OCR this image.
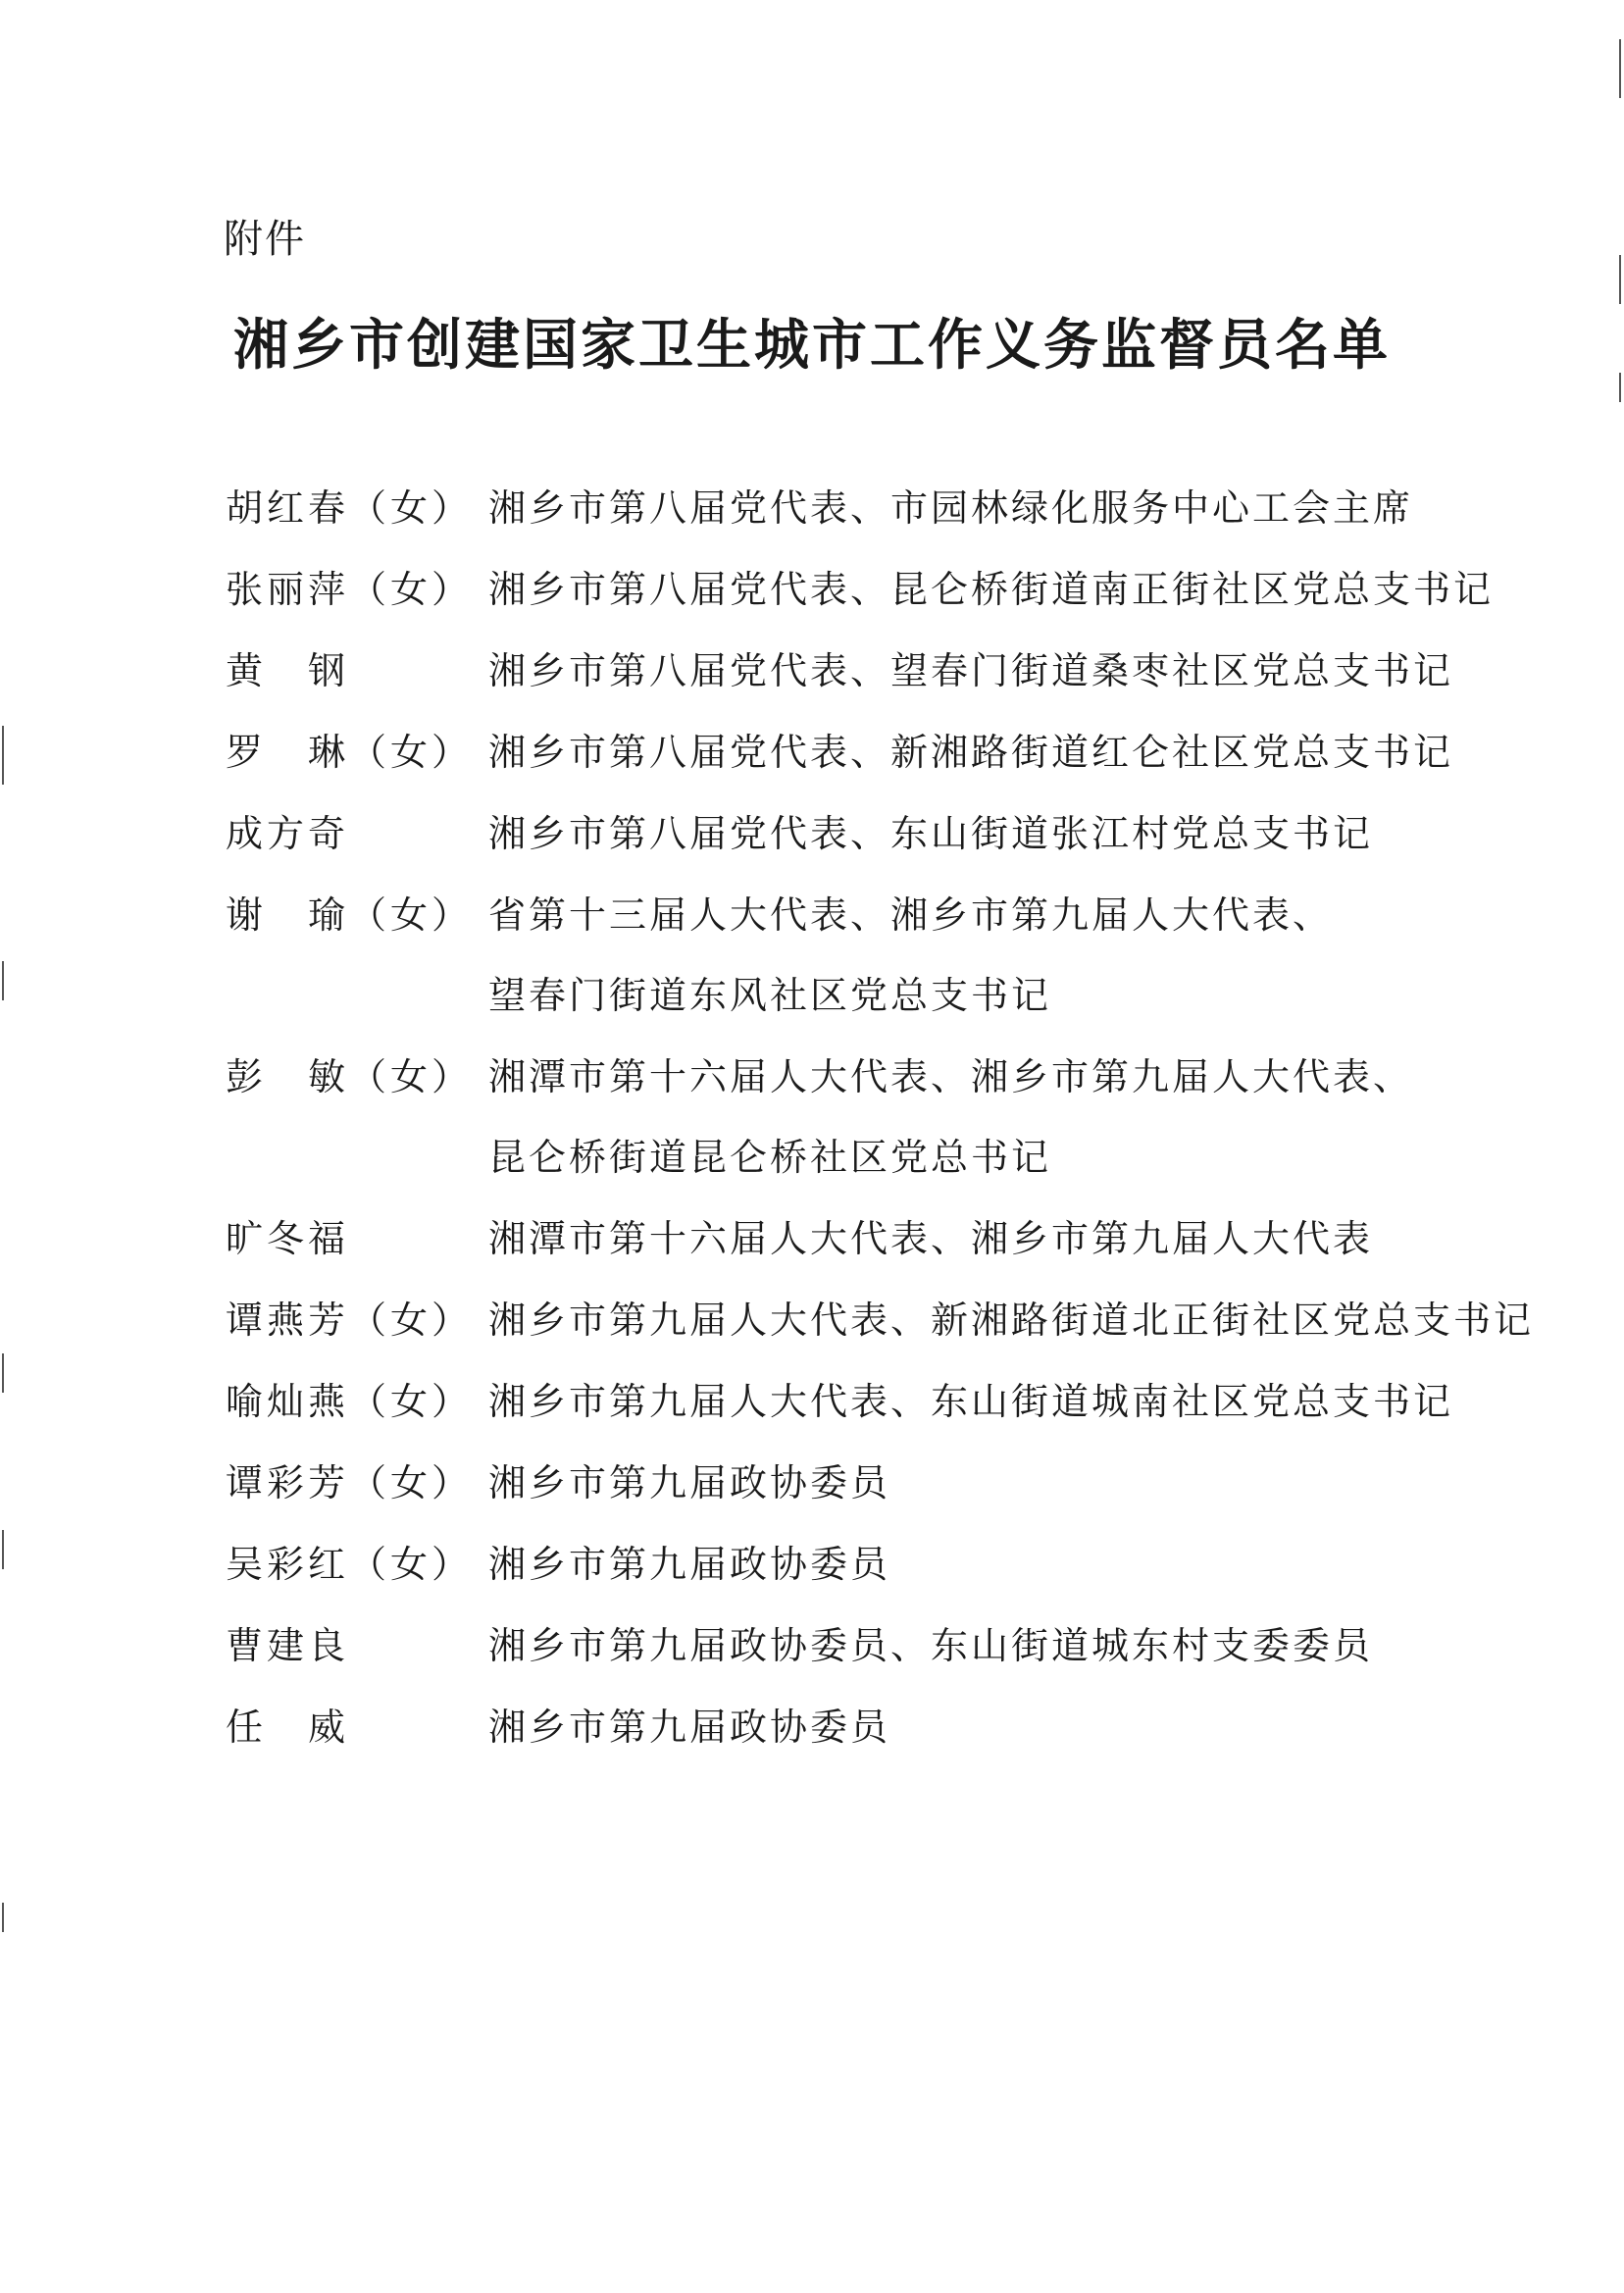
附件
湘乡市创建国家卫生城市工作义务监督员名单
胡红春（女） 湘乡市第八届党代表、市园林绿化服务中心工会主席
张丽萍（女） 湘乡市第八届党代表、昆仑桥街道南正街社区党总支书记
黄　钢	湘乡市第八届党代表、望春门街道桑枣社区党总支书记
罗　琳（女） 湘乡市第八届党代表、新湘路街道红仑社区党总支书记
成方奇	湘乡市第八届党代表、东山街道张江村党总支书记
谢　瑜（女） 省第十三届人大代表、湘乡市第九届人大代表、
望春门街道东风社区党总支书记
彭　敏（女） 湘潭市第十六届人大代表、湘乡市第九届人大代表、
昆仑桥街道昆仑桥社区党总书记
旷冬福	湘潭市第十六届人大代表、湘乡市第九届人大代表
谭燕芳（女） 湘乡市第九届人大代表、新湘路街道北正街社区党总支书记
喻灿燕（女） 湘乡市第九届人大代表、东山街道城南社区党总支书记
谭彩芳（女） 湘乡市第九届政协委员
吴彩红（女） 湘乡市第九届政协委员
曹建良	湘乡市第九届政协委员、东山街道城东村支委委员
任　威	湘乡市第九届政协委员
